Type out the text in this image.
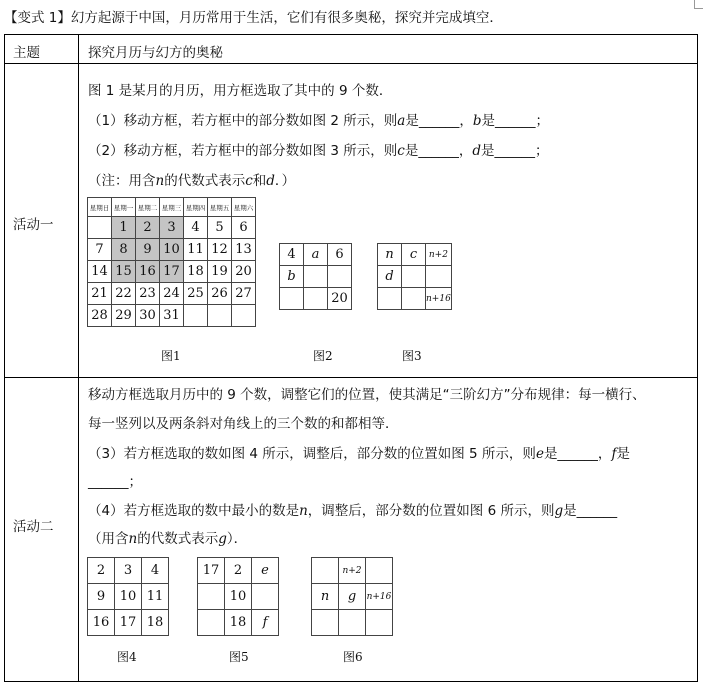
【变式 1】幻方起源于中国，月历常用于生活，它们有很多奥秘，探究并完成填空．
主题	探究月历与幻方的奥秘
活动一
图 1 是某月的月历，用方框选取了其中的 9 个数．
（1）移动方框，若方框中的部分数如图 2 所示，则a是______，b是______；
（2）移动方框，若方框中的部分数如图 3 所示，则c是______，d是______；
（注：用含n的代数式表示c和d．）
星期日	星期一	星期二	星期三	星期四	星期五	星期六
	1	2	3	4	5	6
7	8	9	10	11	12	13
14	15	16	17	18	19	20
21	22	23	24	25	26	27
28	29	30	31			
图1
4	a	6
b		
		20
图2
n	c	n+2
d		
		n+16
图3
活动二
移动方框选取月历中的 9 个数，调整它们的位置，使其满足“三阶幻方”分布规律：每一横行、
每一竖列以及两条斜对角线上的三个数的和都相等．
（3）若方框选取的数如图 4 所示，调整后，部分数的位置如图 5 所示，则e是______，f是
______；
（4）若方框选取的数中最小的数是n，调整后，部分数的位置如图 6 所示，则g是______
（用含n的代数式表示g）．
2	3	4
9	10	11
16	17	18
图4
17	2	e
	10	
	18	f
图5
	n+2	
n	g	n+16

图6
